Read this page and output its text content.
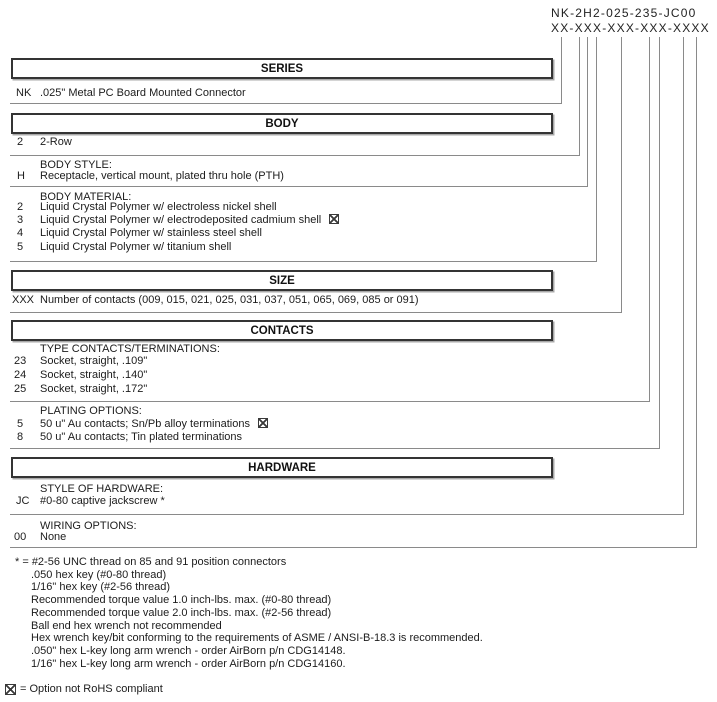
NK-2H2-025-235-JC00
XX-XXX-XXX-XXX-XXXX
SERIES
NK .025" Metal PC Board Mounted Connector
BODY
2 2-Row
BODY STYLE:
H Receptacle, vertical mount, plated thru hole (PTH)
BODY MATERIAL:
2 Liquid Crystal Polymer w/ electroless nickel shell
3 Liquid Crystal Polymer w/ electrodeposited cadmium shell
4 Liquid Crystal Polymer w/ stainless steel shell
5 Liquid Crystal Polymer w/ titanium shell
SIZE
XXX Number of contacts (009, 015, 021, 025, 031, 037, 051, 065, 069, 085 or 091)
CONTACTS
TYPE CONTACTS/TERMINATIONS:
23 Socket, straight, .109"
24 Socket, straight, .140"
25 Socket, straight, .172"
PLATING OPTIONS:
5 50 u" Au contacts; Sn/Pb alloy terminations
8 50 u" Au contacts; Tin plated terminations
HARDWARE
STYLE OF HARDWARE:
JC #0-80 captive jackscrew *
WIRING OPTIONS:
00 None
* = #2-56 UNC thread on 85 and 91 position connectors
.050 hex key (#0-80 thread)
1/16" hex key (#2-56 thread)
Recommended torque value 1.0 inch-lbs. max. (#0-80 thread)
Recommended torque value 2.0 inch-lbs. max. (#2-56 thread)
Ball end hex wrench not recommended
Hex wrench key/bit conforming to the requirements of ASME / ANSI-B-18.3 is recommended.
.050" hex L-key long arm wrench - order AirBorn p/n CDG14148.
1/16" hex L-key long arm wrench - order AirBorn p/n CDG14160.
= Option not RoHS compliant
